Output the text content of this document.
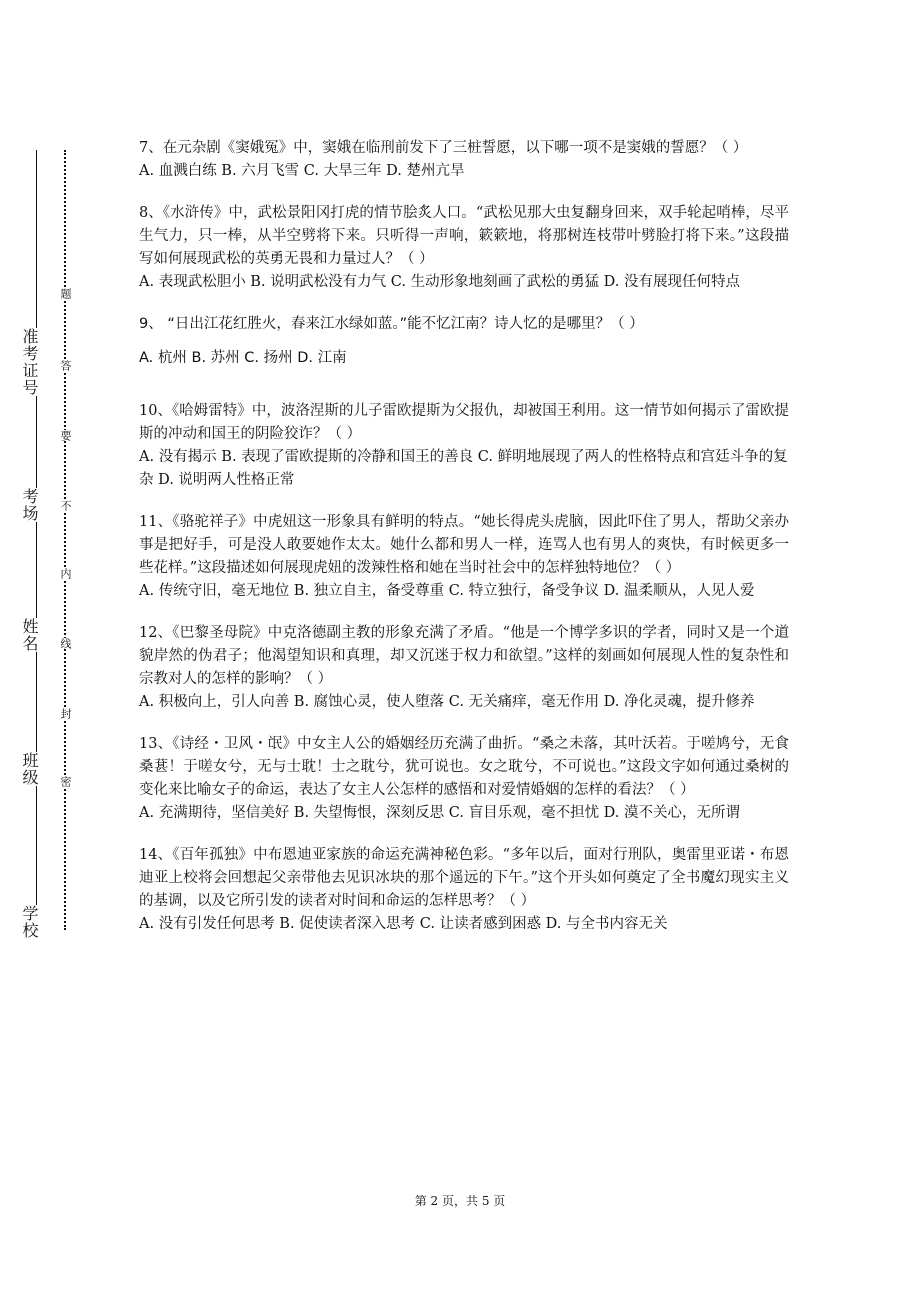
准考证号
考场
姓名
班级
学校
题
答
要
不
内
线
封
密

7、在元杂剧《窦娥冤》中，窦娥在临刑前发下了三桩誓愿，以下哪一项不是窦娥的誓愿？（ ）

A. 血溅白练 B. 六月飞雪 C. 大旱三年 D. 楚州亢旱

8、《水浒传》中，武松景阳冈打虎的情节脍炙人口。“武松见那大虫复翻身回来，双手轮起哨棒，尽平生气力，只一棒，从半空劈将下来。只听得一声响，簌簌地，将那树连枝带叶劈脸打将下来。”这段描写如何展现武松的英勇无畏和力量过人？（ ）

A. 表现武松胆小 B. 说明武松没有力气 C. 生动形象地刻画了武松的勇猛 D. 没有展现任何特点

9、 “日出江花红胜火，春来江水绿如蓝。”能不忆江南？诗人忆的是哪里？（ ）

A. 杭州 B. 苏州 C. 扬州 D. 江南

10、《哈姆雷特》中，波洛涅斯的儿子雷欧提斯为父报仇，却被国王利用。这一情节如何揭示了雷欧提斯的冲动和国王的阴险狡诈？（ ）

A. 没有揭示 B. 表现了雷欧提斯的冷静和国王的善良 C. 鲜明地展现了两人的性格特点和宫廷斗争的复杂 D. 说明两人性格正常

11、《骆驼祥子》中虎妞这一形象具有鲜明的特点。“她长得虎头虎脑，因此吓住了男人，帮助父亲办事是把好手，可是没人敢要她作太太。她什么都和男人一样，连骂人也有男人的爽快，有时候更多一些花样。”这段描述如何展现虎妞的泼辣性格和她在当时社会中的怎样独特地位？（ ）

A. 传统守旧，毫无地位 B. 独立自主，备受尊重 C. 特立独行，备受争议 D. 温柔顺从，人见人爱

12、《巴黎圣母院》中克洛德副主教的形象充满了矛盾。“他是一个博学多识的学者，同时又是一个道貌岸然的伪君子；他渴望知识和真理，却又沉迷于权力和欲望。”这样的刻画如何展现人性的复杂性和宗教对人的怎样的影响？（ ）

A. 积极向上，引人向善 B. 腐蚀心灵，使人堕落 C. 无关痛痒，毫无作用 D. 净化灵魂，提升修养

13、《诗经・卫风・氓》中女主人公的婚姻经历充满了曲折。“桑之未落，其叶沃若。于嗟鸠兮，无食桑葚！于嗟女兮，无与士耽！士之耽兮，犹可说也。女之耽兮，不可说也。”这段文字如何通过桑树的变化来比喻女子的命运，表达了女主人公怎样的感悟和对爱情婚姻的怎样的看法？（ ）

A. 充满期待，坚信美好 B. 失望悔恨，深刻反思 C. 盲目乐观，毫不担忧 D. 漠不关心，无所谓

14、《百年孤独》中布恩迪亚家族的命运充满神秘色彩。“多年以后，面对行刑队，奥雷里亚诺・布恩迪亚上校将会回想起父亲带他去见识冰块的那个遥远的下午。”这个开头如何奠定了全书魔幻现实主义的基调，以及它所引发的读者对时间和命运的怎样思考？（ ）

A. 没有引发任何思考 B. 促使读者深入思考 C. 让读者感到困惑 D. 与全书内容无关

第 2 页，共 5 页
